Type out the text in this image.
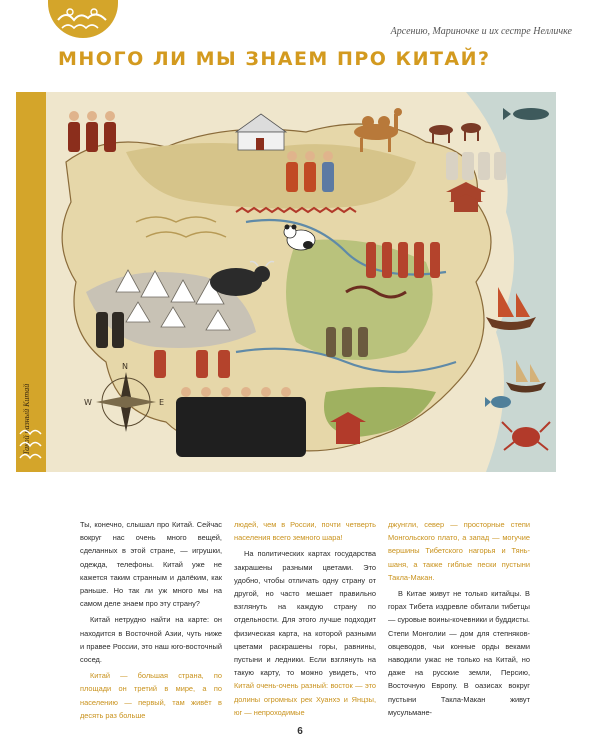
Арсению, Мариночке и их сестре Нелличке
МНОГО ЛИ МЫ ЗНАЕМ ПРО КИТАЙ?
Такой разный Китай
N
E
W

Ты, конечно, слышал про Китай. Сейчас вокруг нас очень много вещей, сделанных в этой стране, — игрушки, одежда, телефоны. Китай уже не кажется таким странным и далёким, как раньше. Но так ли уж много мы на самом деле знаем про эту страну?

Китай нетрудно найти на карте: он находится в Восточной Азии, чуть ниже и правее России, это наш юго-восточный сосед.

Китай — большая страна, по площади он третий в мире, а по населению — первый, там живёт в десять раз больше

людей, чем в России, почти четверть населения всего земного шара!

На политических картах государства закрашены разными цветами. Это удобно, чтобы отличать одну страну от другой, но часто мешает правильно взглянуть на каждую страну по отдельности. Для этого лучше подходит физическая карта, на которой разными цветами раскрашены горы, равнины, пустыни и ледники. Если взглянуть на такую карту, то можно увидеть, что Китай очень-очень разный: восток — это долины огромных рек Хуанхэ и Янцзы, юг — непроходимые

джунгли, север — просторные степи Монгольского плато, а запад — могучие вершины Тибетского нагорья и Тянь-шаня, а также гиблые пески пустыни Такла-Макан.

В Китае живут не только китайцы. В горах Тибета издревле обитали тибетцы — суровые воины-кочевники и буддисты. Степи Монголии — дом для степняков-овцеводов, чьи конные орды веками наводили ужас не только на Китай, но даже на русские земли, Персию, Восточную Европу. В оазисах вокруг пустыни Такла-Макан живут мусульмане-

6
